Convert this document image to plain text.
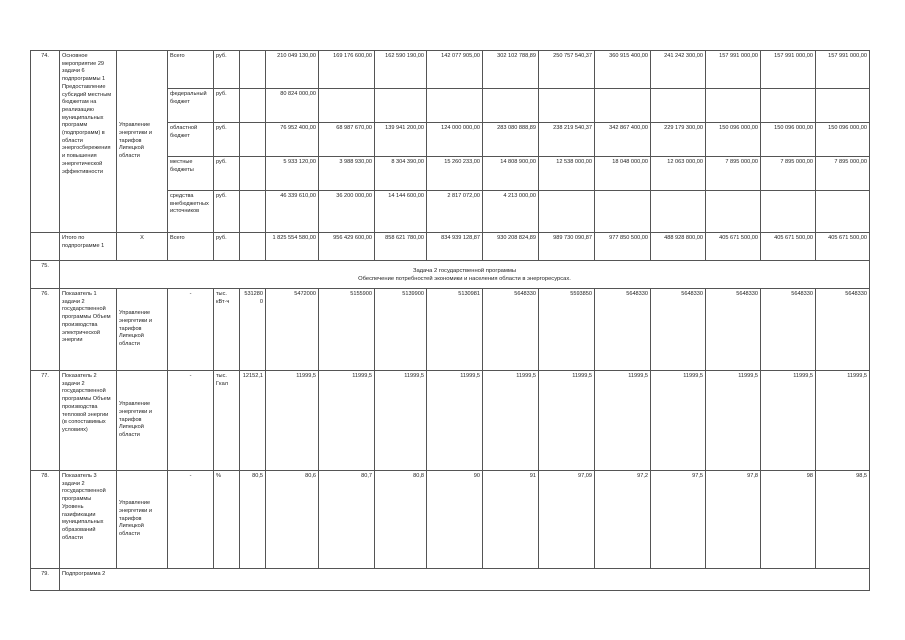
74.	Основное мероприятие 29 задачи 6 подпрограммы 1 Предоставление субсидий местным бюджетам на реализацию муниципальных программ (подпрограмм) в области энергосбережения и повышения энергетической эффективности	Управление энергетики и тарифов Липецкой области	Всего	руб.		210 049 130,00	169 176 600,00	162 590 190,00	142 077 905,00	302 102 788,89	250 757 540,37	360 915 400,00	241 242 300,00	157 991 000,00	157 991 000,00	157 991 000,00
			федеральный бюджет	руб.		80 824 000,00										
			областной бюджет	руб.		76 952 400,00	68 987 670,00	139 941 200,00	124 000 000,00	283 080 888,89	238 219 540,37	342 867 400,00	229 179 300,00	150 096 000,00	150 096 000,00	150 096 000,00
			местные бюджеты	руб.		5 933 120,00	3 988 930,00	8 304 390,00	15 260 233,00	14 808 900,00	12 538 000,00	18 048 000,00	12 063 000,00	7 895 000,00	7 895 000,00	7 895 000,00
			средства внебюджетных источников	руб.		46 339 610,00	36 200 000,00	14 144 600,00	2 817 072,00	4 213 000,00						
	Итого по подпрограмме 1	Х	Всего	руб.		1 825 554 580,00	956 429 600,00	858 621 780,00	834 939 128,87	930 208 824,89	989 730 090,87	977 850 500,00	488 928 800,00	405 671 500,00	405 671 500,00	405 671 500,00
75.	Задача 2 государственной программы
Обеспечение потребностей экономики и населения области в энергоресурсах.															

76.	Показатель 1 задачи 2 государственной программы Объем производства электрической энергии	Управление энергетики и тарифов Липецкой области	-	тыс. кВт·ч	5312800	5472000	5155900	5139900	5130981	5648330	5593850	5648330	5648330	5648330	5648330	5648330
77.	Показатель 2 задачи 2 государственной программы Объем производства тепловой энергии (в сопоставимых условиях)	Управление энергетики и тарифов Липецкой области	-	тыс. Гкал	12152,1	11999,5	11999,5	11999,5	11999,5	11999,5	11999,5	11999,5	11999,5	11999,5	11999,5	11999,5
78.	Показатель 3 задачи 2 государственной программы Уровень газификации муниципальных образований области	Управление энергетики и тарифов Липецкой области	-	%	80,5	80,6	80,7	80,8	90	91	97,09	97,2	97,5	97,8	98	98,5
79.	Подпрограмма 2															
